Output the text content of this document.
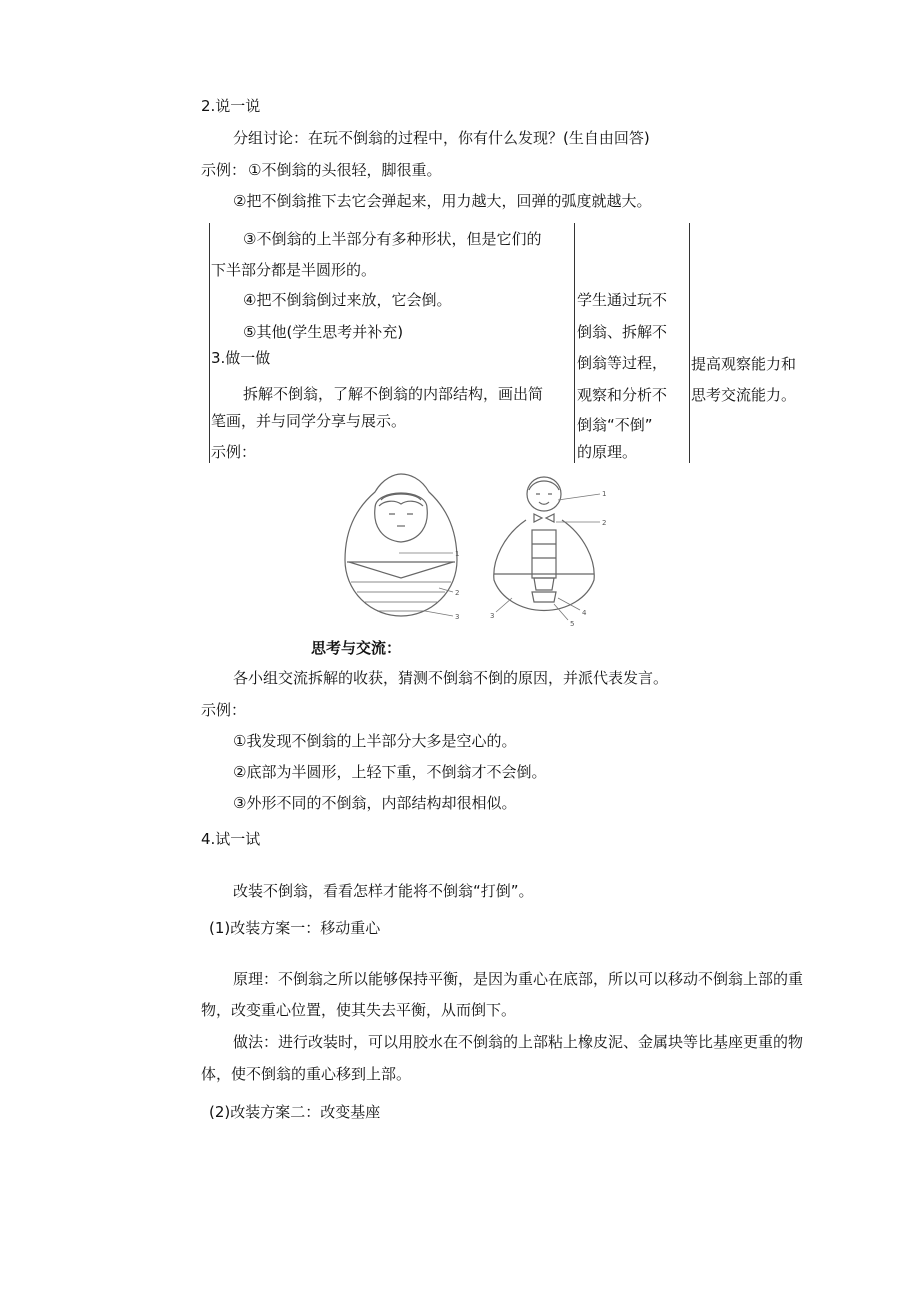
2.说一说
分组讨论：在玩不倒翁的过程中，你有什么发现？(生自由回答)
示例： ①不倒翁的头很轻，脚很重。
②把不倒翁推下去它会弹起来，用力越大，回弹的弧度就越大。
③不倒翁的上半部分有多种形状，但是它们的
下半部分都是半圆形的。
④把不倒翁倒过来放，它会倒。
⑤其他(学生思考并补充)
3.做一做
拆解不倒翁，了解不倒翁的内部结构，画出简
笔画，并与同学分享与展示。
示例：
学生通过玩不
倒翁、拆解不
倒翁等过程，
观察和分析不
倒翁“不倒”
的原理。
提高观察能力和
思考交流能力。
1
2
3
1
2
3	4
5
思考与交流：
各小组交流拆解的收获，猜测不倒翁不倒的原因，并派代表发言。
示例：
①我发现不倒翁的上半部分大多是空心的。
②底部为半圆形，上轻下重，不倒翁才不会倒。
③外形不同的不倒翁，内部结构却很相似。
4.试一试
改装不倒翁，看看怎样才能将不倒翁“打倒”。
(1)改装方案一：移动重心
原理：不倒翁之所以能够保持平衡，是因为重心在底部，所以可以移动不倒翁上部的重
物，改变重心位置，使其失去平衡，从而倒下。
做法：进行改装时，可以用胶水在不倒翁的上部粘上橡皮泥、金属块等比基座更重的物
体，使不倒翁的重心移到上部。
(2)改装方案二：改变基座
